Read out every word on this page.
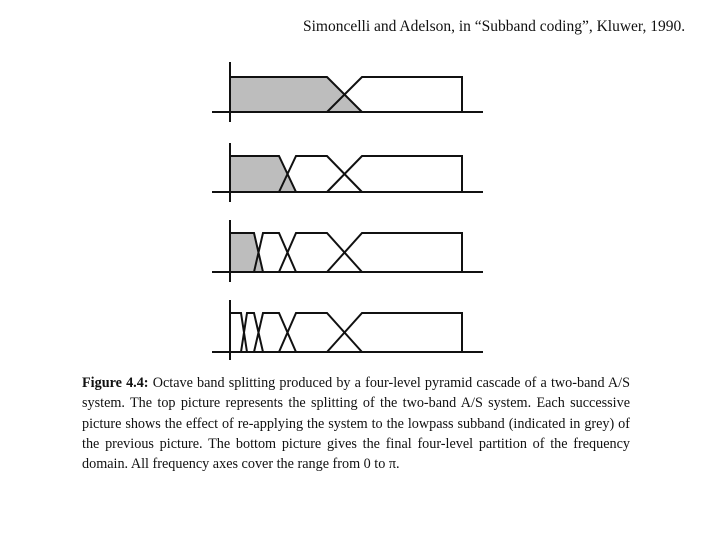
Simoncelli and Adelson, in “Subband coding”, Kluwer, 1990.
Figure 4.4: Octave band splitting produced by a four-level pyramid cascade of a two-band A/S system. The top picture represents the splitting of the two-band A/S system. Each successive picture shows the effect of re-applying the system to the lowpass subband (indicated in grey) of the previous picture. The bottom picture gives the final four-level partition of the frequency domain. All frequency axes cover the range from 0 to π.
